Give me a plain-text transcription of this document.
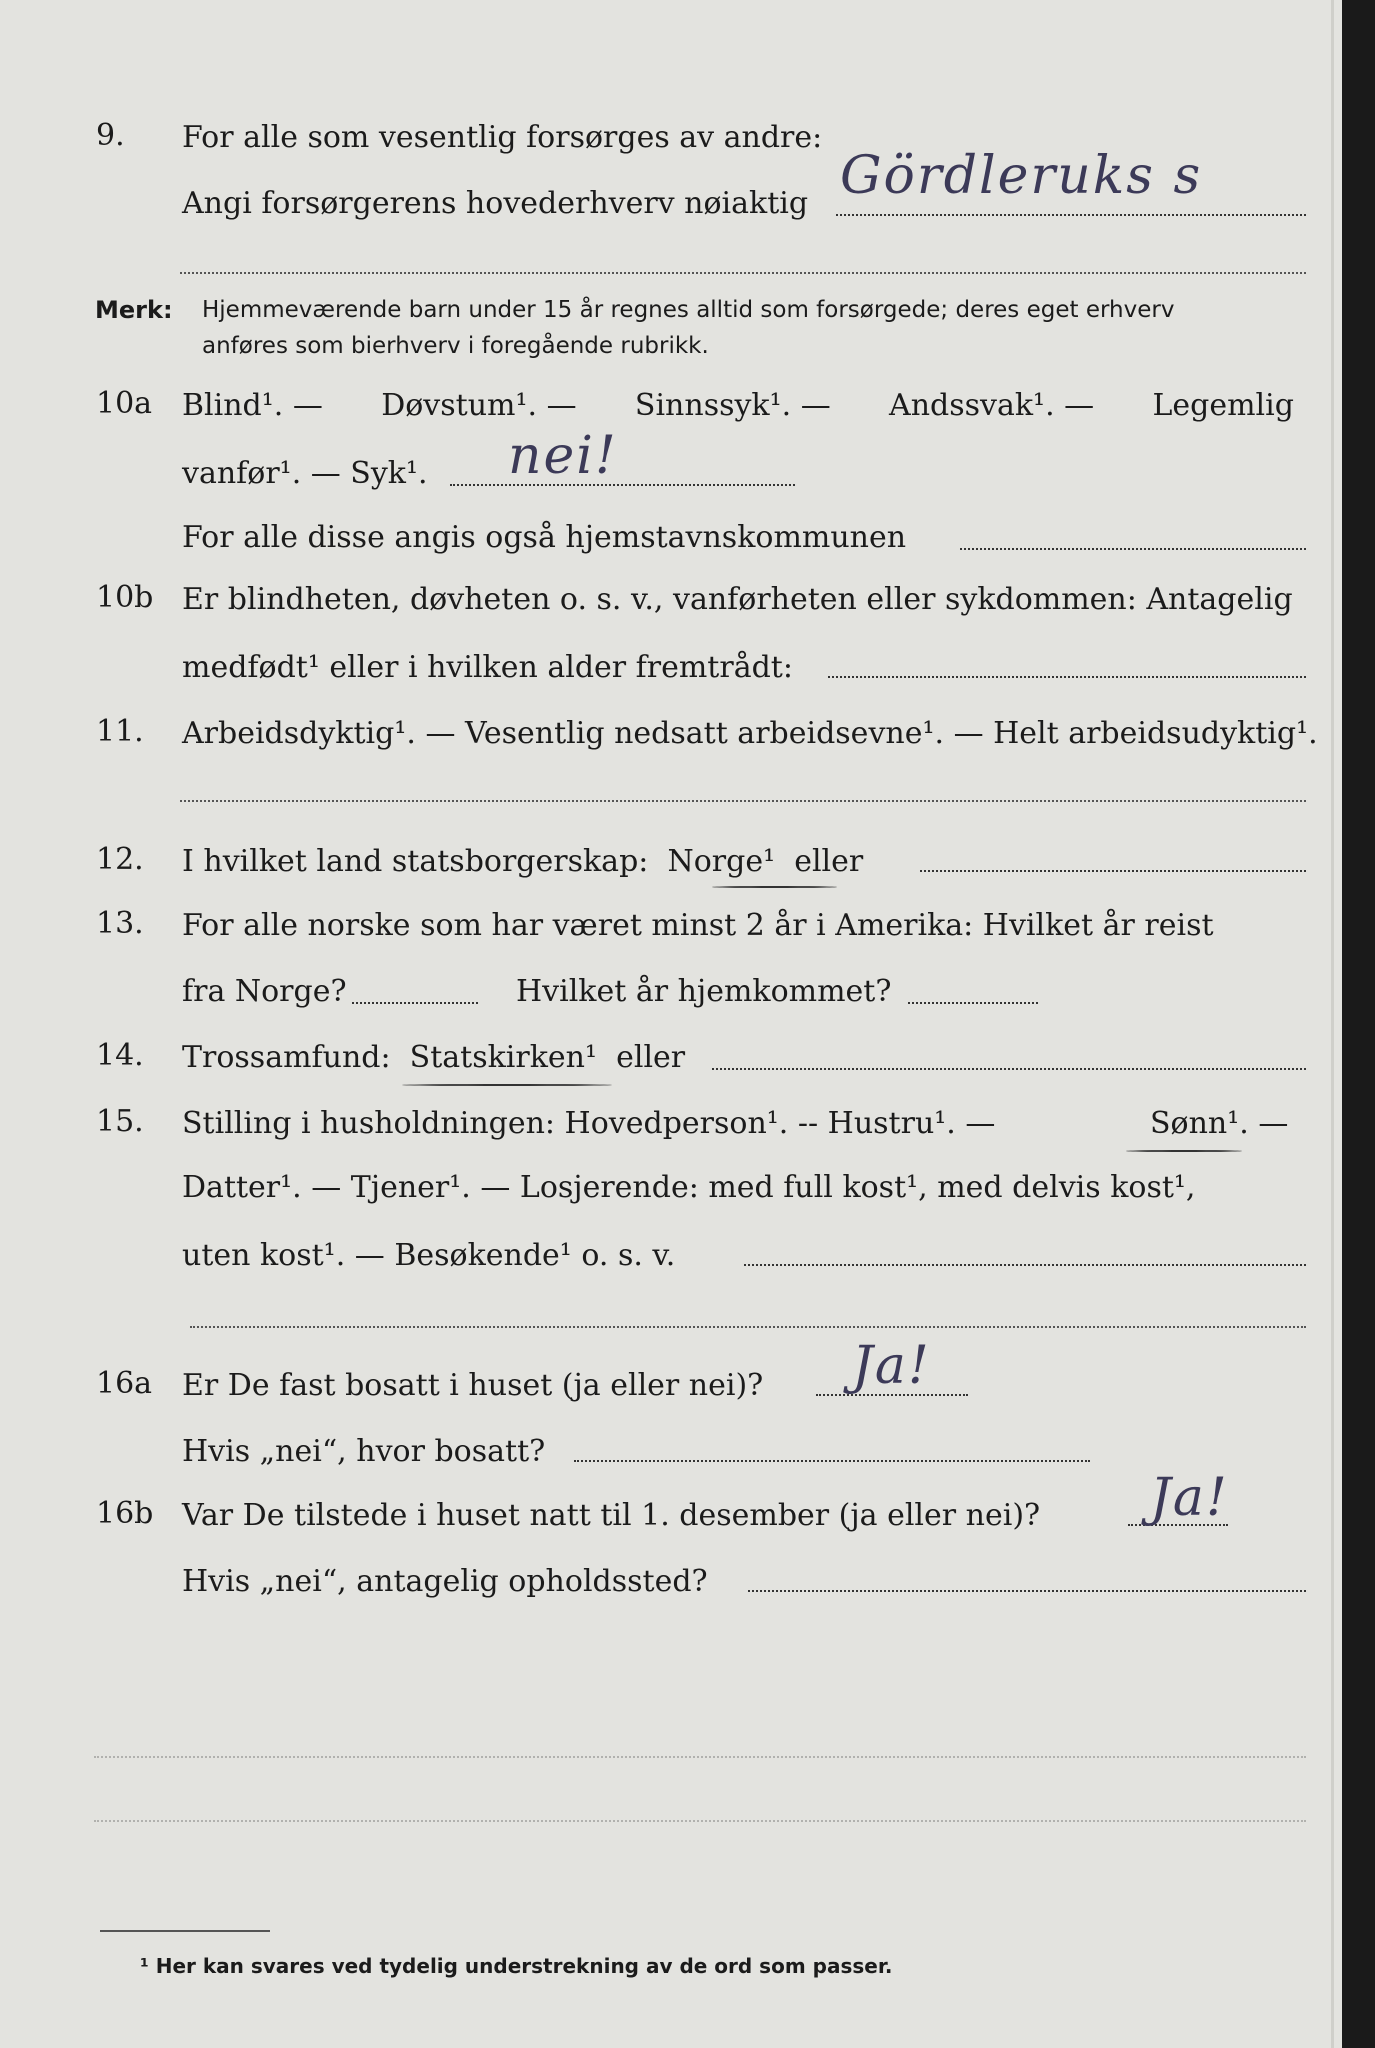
9. For alle som vesentlig forsørges av andre:
Angi forsørgerens hovederhverv nøiaktig Gördleruks s
Merk: Hjemmeværende barn under 15 år regnes alltid som forsørgede; deres eget erhverv
anføres som bierhverv i foregående rubrikk.
10a Blind¹. — Døvstum¹. — Sinnssyk¹. — Andssvak¹. — Legemlig
vanfør¹. — Syk¹. nei!
For alle disse angis også hjemstavnskommunen
10b Er blindheten, døvheten o. s. v., vanførheten eller sykdommen: Antagelig
medfødt¹ eller i hvilken alder fremtrådt:
11. Arbeidsdyktig¹. — Vesentlig nedsatt arbeidsevne¹. — Helt arbeidsudyktig¹.
12. I hvilket land statsborgerskap: Norge¹ eller
13. For alle norske som har været minst 2 år i Amerika: Hvilket år reist
fra Norge?	Hvilket år hjemkommet?
14. Trossamfund: Statskirken¹ eller
15. Stilling i husholdningen: Hovedperson¹. -- Hustru¹. —	Sønn¹. —
Datter¹. — Tjener¹. — Losjerende: med full kost¹, med delvis kost¹,
uten kost¹. — Besøkende¹ o. s. v.
16a Er De fast bosatt i huset (ja eller nei)? Ja!
Hvis „nei“, hvor bosatt?
16b Var De tilstede i huset natt til 1. desember (ja eller nei)? Ja!
Hvis „nei“, antagelig opholdssted?
¹ Her kan svares ved tydelig understrekning av de ord som passer.
